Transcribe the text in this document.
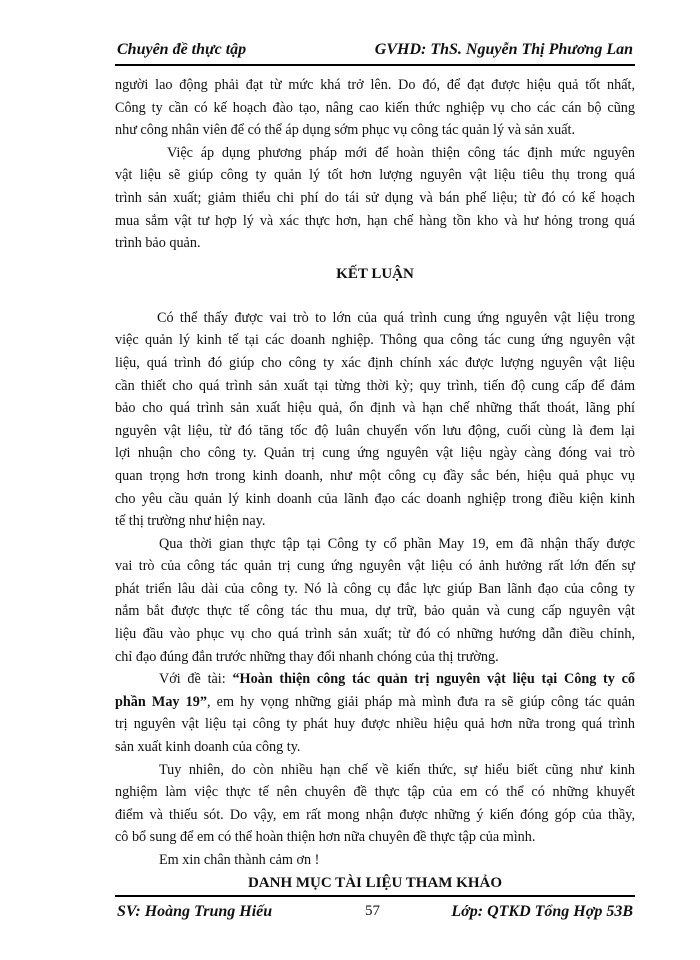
Chuyên đề thực tập	GVHD: ThS. Nguyễn Thị Phương Lan
người lao động phải đạt từ mức khá trở lên. Do đó, để đạt được hiệu quả tốt nhất,
Công ty cần có kế hoạch đào tạo, nâng cao kiến thức nghiệp vụ cho các cán bộ cũng
như công nhân viên để có thể áp dụng sớm phục vụ công tác quản lý và sản xuất.
Việc áp dụng phương pháp mới để hoàn thiện công tác định mức nguyên
vật liệu sẽ giúp công ty quản lý tốt hơn lượng nguyên vật liệu tiêu thụ trong quá
trình sản xuất; giảm thiểu chi phí do tái sử dụng và bán phế liệu; từ đó có kế hoạch
mua sắm vật tư hợp lý và xác thực hơn, hạn chế hàng tồn kho và hư hỏng trong quá
trình bảo quản.
KẾT LUẬN
Có thể thấy được vai trò to lớn của quá trình cung ứng nguyên vật liệu trong
việc quản lý kinh tế tại các doanh nghiệp. Thông qua công tác cung ứng nguyên vật
liệu, quá trình đó giúp cho công ty xác định chính xác được lượng nguyên vật liệu
cần thiết cho quá trình sản xuất tại từng thời kỳ; quy trình, tiến độ cung cấp để đảm
bảo cho quá trình sản xuất hiệu quả, ổn định và hạn chế những thất thoát, lãng phí
nguyên vật liệu, từ đó tăng tốc độ luân chuyển vốn lưu động, cuối cùng là đem lại
lợi nhuận cho công ty. Quản trị cung ứng nguyên vật liệu ngày càng đóng vai trò
quan trọng hơn trong kinh doanh, như một công cụ đầy sắc bén, hiệu quả phục vụ
cho yêu cầu quản lý kinh doanh của lãnh đạo các doanh nghiệp trong điều kiện kinh
tế thị trường như hiện nay.
Qua thời gian thực tập tại Công ty cổ phần May 19, em đã nhận thấy được
vai trò của công tác quản trị cung ứng nguyên vật liệu có ảnh hưởng rất lớn đến sự
phát triển lâu dài của công ty. Nó là công cụ đắc lực giúp Ban lãnh đạo của công ty
nắm bắt được thực tế công tác thu mua, dự trữ, bảo quản và cung cấp nguyên vật
liệu đầu vào phục vụ cho quá trình sản xuất; từ đó có những hướng dẫn điều chỉnh,
chỉ đạo đúng đắn trước những thay đổi nhanh chóng của thị trường.
Với đề tài: “Hoàn thiện công tác quản trị nguyên vật liệu tại Công ty cổ
phần May 19”, em hy vọng những giải pháp mà mình đưa ra sẽ giúp công tác quản
trị nguyên vật liệu tại công ty phát huy được nhiều hiệu quả hơn nữa trong quá trình
sản xuất kinh doanh của công ty.
Tuy nhiên, do còn nhiều hạn chế về kiến thức, sự hiểu biết cũng như kinh
nghiệm làm việc thực tế nên chuyên đề thực tập của em có thể có những khuyết
điểm và thiếu sót. Do vậy, em rất mong nhận được những ý kiến đóng góp của thầy,
cô bổ sung để em có thể hoàn thiện hơn nữa chuyên đề thực tập của mình.
Em xin chân thành cảm ơn !
DANH MỤC TÀI LIỆU THAM KHẢO
SV: Hoàng Trung Hiếu	57	Lớp: QTKD Tổng Hợp 53B
